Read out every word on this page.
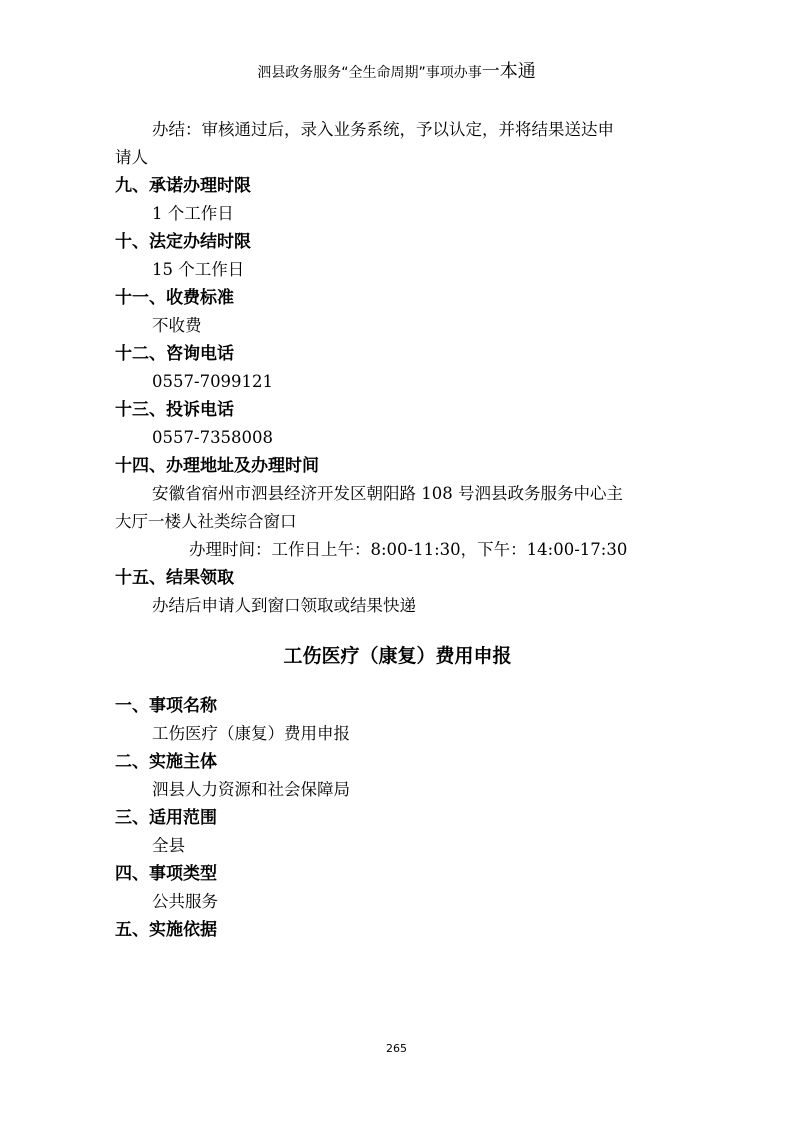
泗县政务服务“全生命周期”事项办事一本通

办结：审核通过后，录入业务系统，予以认定，并将结果送达申

请人

九、承诺办理时限

1 个工作日

十、法定办结时限

15 个工作日

十一、收费标准

不收费

十二、咨询电话

0557-7099121

十三、投诉电话

0557-7358008

十四、办理地址及办理时间

安徽省宿州市泗县经济开发区朝阳路 108 号泗县政务服务中心主

大厅一楼人社类综合窗口

办理时间：工作日上午：8:00-11:30，下午：14:00-17:30

十五、结果领取

办结后申请人到窗口领取或结果快递

工伤医疗（康复）费用申报

一、事项名称

工伤医疗（康复）费用申报

二、实施主体

泗县人力资源和社会保障局

三、适用范围

全县

四、事项类型

公共服务

五、实施依据

265
